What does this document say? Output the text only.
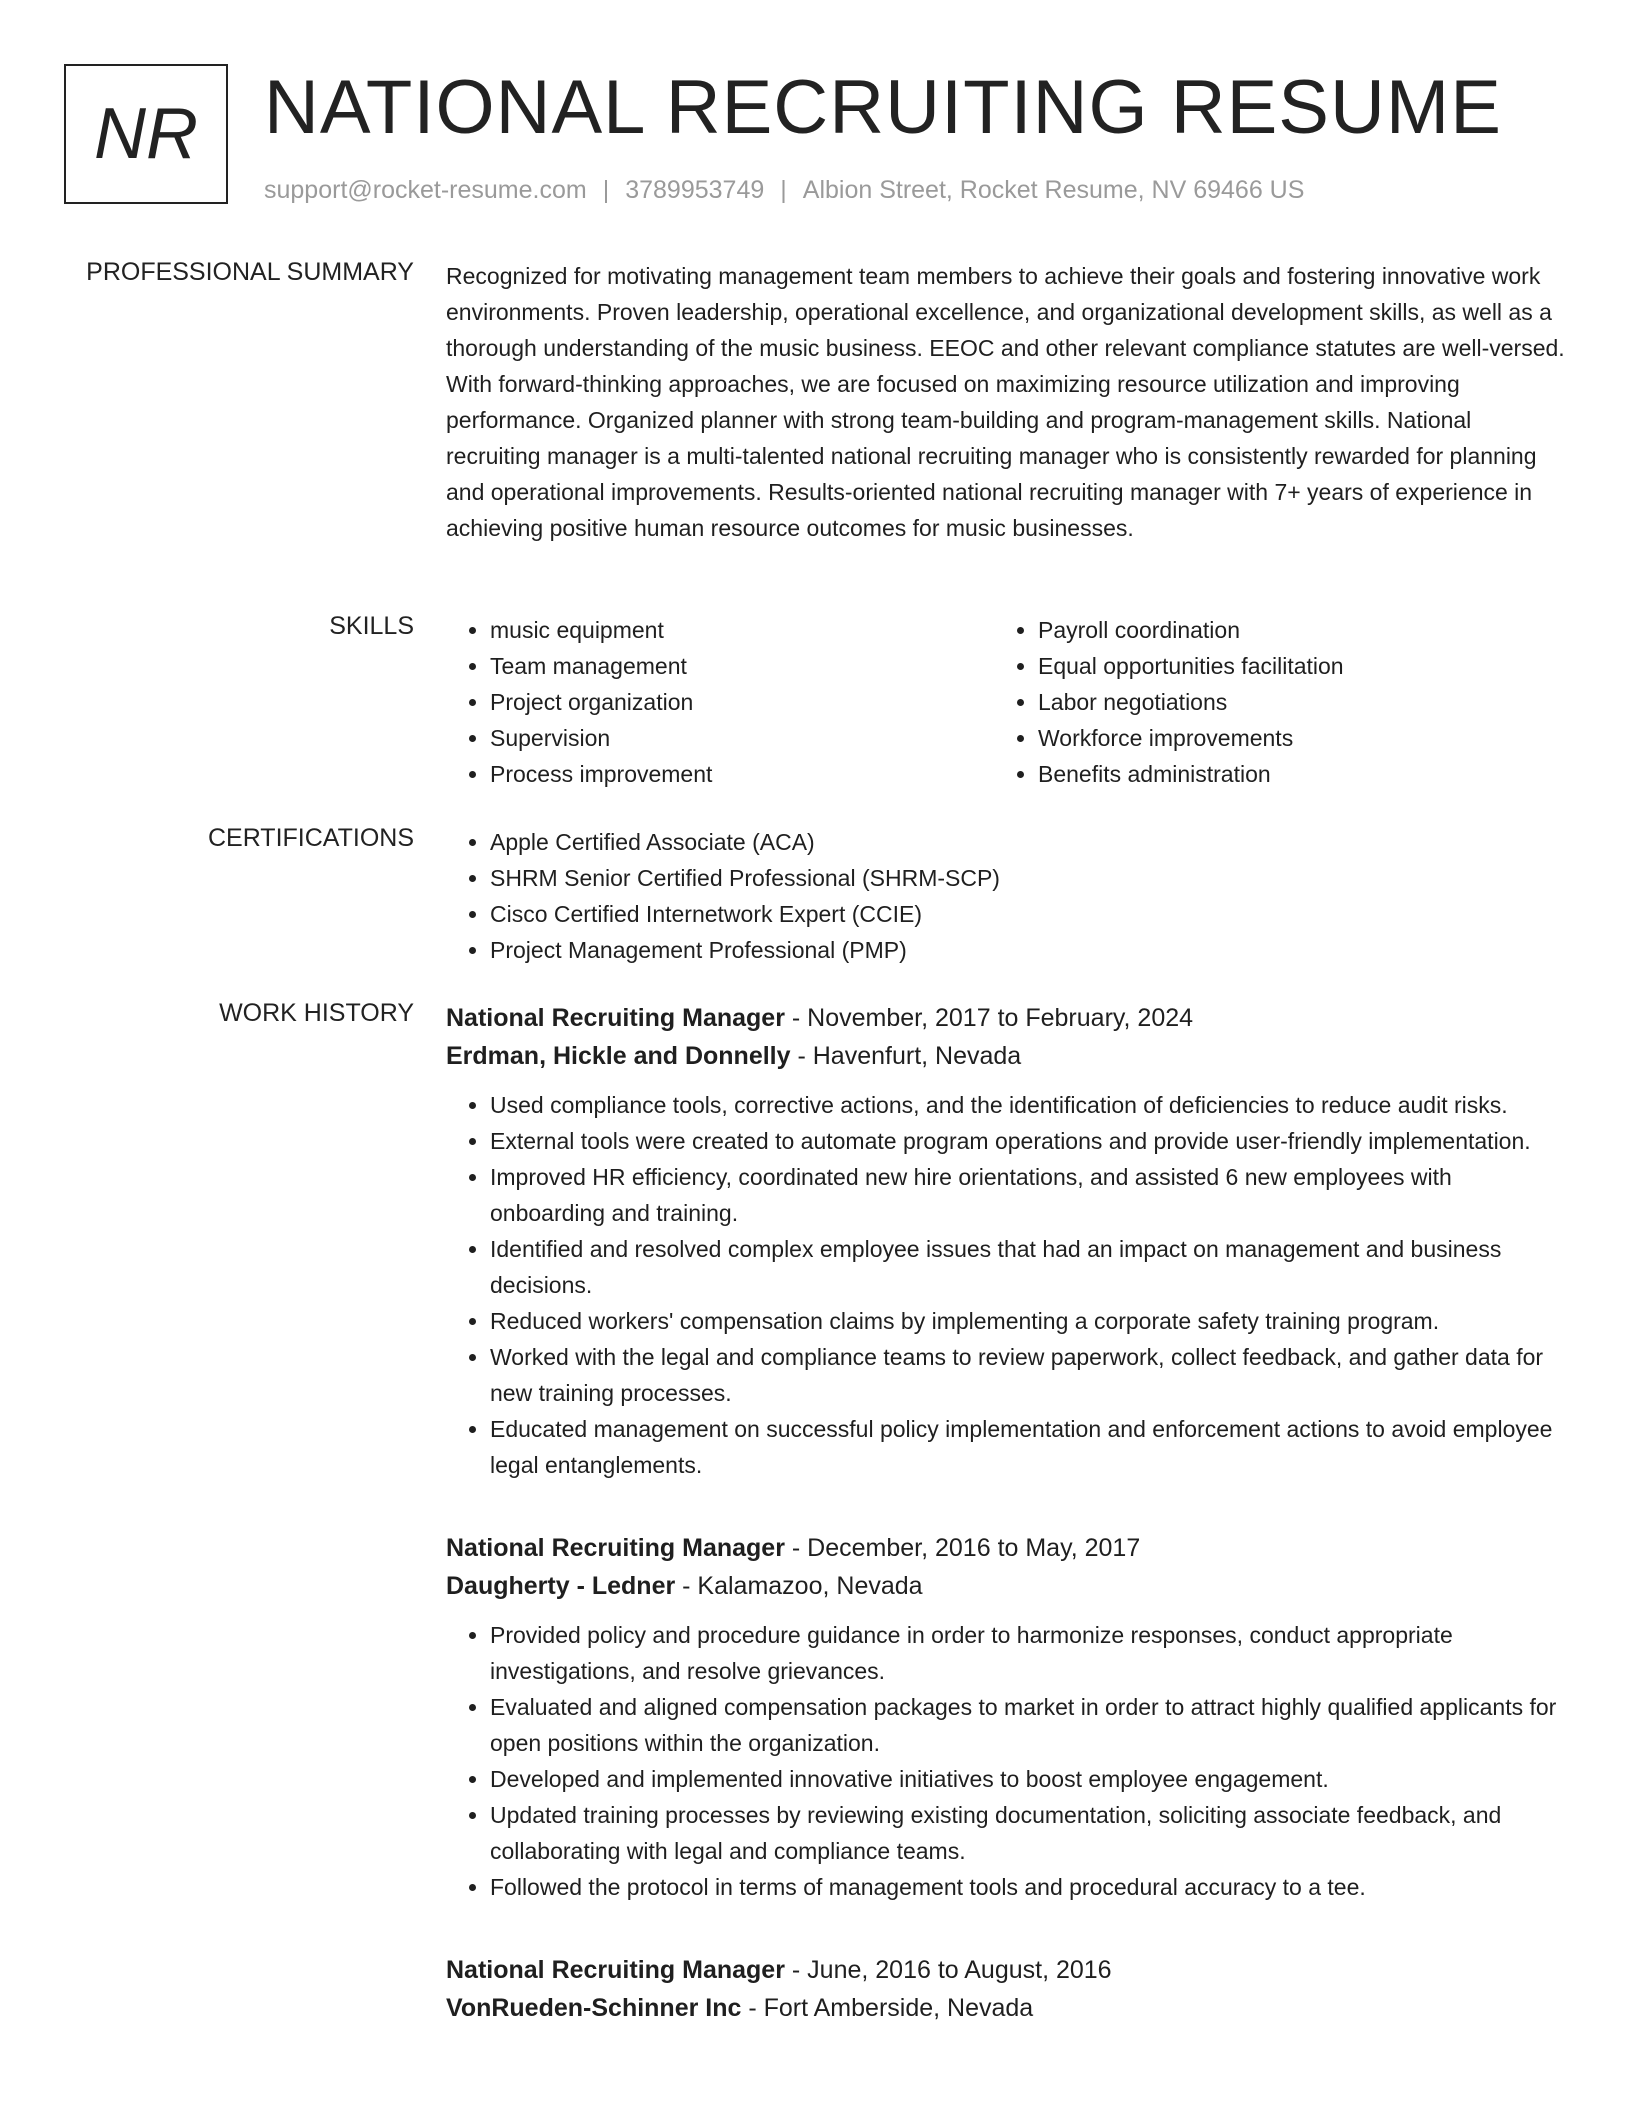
NR NATIONAL RECRUITING RESUME
support@rocket-resume.com | 3789953749 | Albion Street, Rocket Resume, NV 69466 US
PROFESSIONAL SUMMARY Recognized for motivating management team members to achieve their goals and fostering innovative work environments. Proven leadership, operational excellence, and organizational development skills, as well as a thorough understanding of the music business. EEOC and other relevant compliance statutes are well-versed. With forward-thinking approaches, we are focused on maximizing resource utilization and improving performance. Organized planner with strong team-building and program-management skills. National recruiting manager is a multi-talented national recruiting manager who is consistently rewarded for planning and operational improvements. Results-oriented national recruiting manager with 7+ years of experience in achieving positive human resource outcomes for music businesses.

SKILLS	• music equipment
• Team management
• Project organization
• Supervision
• Process improvement
• Payroll coordination
• Equal opportunities facilitation
• Labor negotiations
• Workforce improvements
• Benefits administration
CERTIFICATIONS	• Apple Certified Associate (ACA)
• SHRM Senior Certified Professional (SHRM-SCP)
• Cisco Certified Internetwork Expert (CCIE)
• Project Management Professional (PMP)
WORK HISTORY National Recruiting Manager - November, 2017 to February, 2024
Erdman, Hickle and Donnelly - Havenfurt, Nevada
• Used compliance tools, corrective actions, and the identification of deficiencies to reduce audit risks.
• External tools were created to automate program operations and provide user-friendly implementation.
• Improved HR efficiency, coordinated new hire orientations, and assisted 6 new employees with onboarding and training.
• Identified and resolved complex employee issues that had an impact on management and business decisions.
• Reduced workers' compensation claims by implementing a corporate safety training program.
• Worked with the legal and compliance teams to review paperwork, collect feedback, and gather data for new training processes.
• Educated management on successful policy implementation and enforcement actions to avoid employee legal entanglements.
National Recruiting Manager - December, 2016 to May, 2017
Daugherty - Ledner - Kalamazoo, Nevada
• Provided policy and procedure guidance in order to harmonize responses, conduct appropriate investigations, and resolve grievances.
• Evaluated and aligned compensation packages to market in order to attract highly qualified applicants for open positions within the organization.
• Developed and implemented innovative initiatives to boost employee engagement.
• Updated training processes by reviewing existing documentation, soliciting associate feedback, and collaborating with legal and compliance teams.
• Followed the protocol in terms of management tools and procedural accuracy to a tee.
National Recruiting Manager - June, 2016 to August, 2016
VonRueden-Schinner Inc - Fort Amberside, Nevada
